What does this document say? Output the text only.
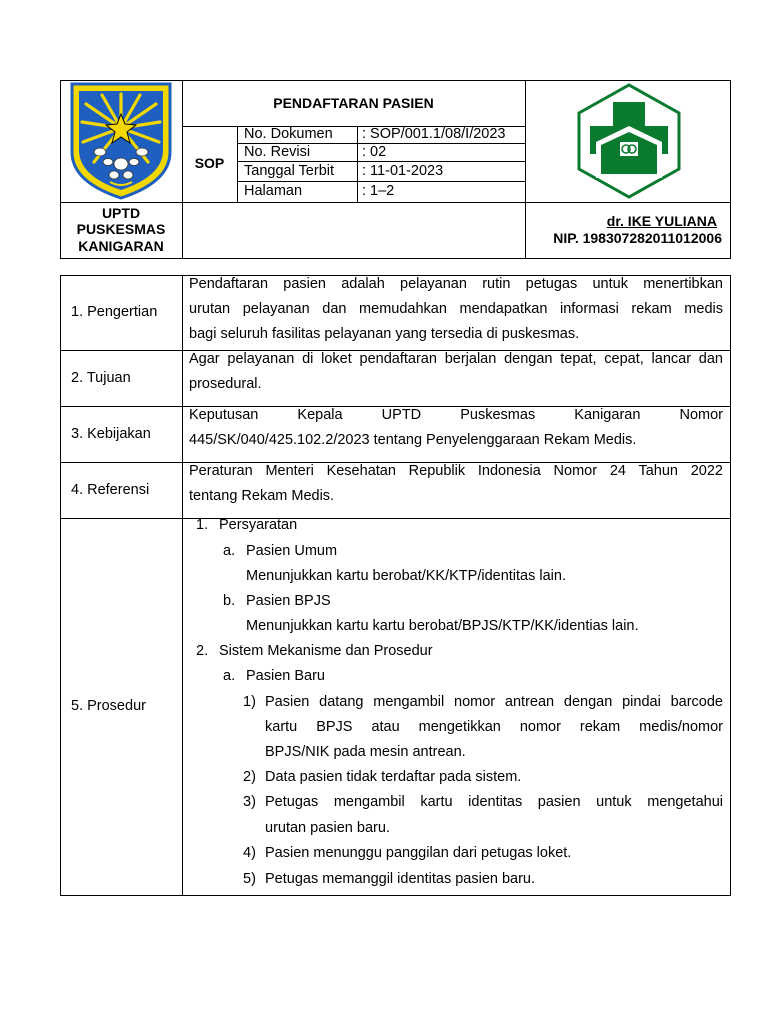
UPTD
PUSKESMAS
KANIGARAN
PENDAFTARAN PASIEN
SOP
No. Dokumen : SOP/001.1/08/I/2023
No. Revisi	: 02
Tanggal Terbit : 11-01-2023
Halaman	: 1–2
dr. IKE YULIANA
NIP. 198307282011012006
1. Pengertian
Pendaftaran pasien adalah pelayanan rutin petugas untuk menertibkan
urutan pelayanan dan memudahkan mendapatkan informasi rekam medis
bagi seluruh fasilitas pelayanan yang tersedia di puskesmas.
2. Tujuan
Agar pelayanan di loket pendaftaran berjalan dengan tepat, cepat, lancar dan
prosedural.
3. Kebijakan
Keputusan Kepala UPTD Puskesmas Kanigaran Nomor
445/SK/040/425.102.2/2023 tentang Penyelenggaraan Rekam Medis.
4. Referensi
Peraturan Menteri Kesehatan Republik Indonesia Nomor 24 Tahun 2022
tentang Rekam Medis.
5. Prosedur
1. Persyaratan
a. Pasien Umum
Menunjukkan kartu berobat/KK/KTP/identitas lain.
b. Pasien BPJS
Menunjukkan kartu kartu berobat/BPJS/KTP/KK/identias lain.
2. Sistem Mekanisme dan Prosedur
a. Pasien Baru
1) Pasien datang mengambil nomor antrean dengan pindai barcode
kartu BPJS atau mengetikkan nomor rekam medis/nomor
BPJS/NIK pada mesin antrean.
2) Data pasien tidak terdaftar pada sistem.
3) Petugas mengambil kartu identitas pasien untuk mengetahui
urutan pasien baru.
4) Pasien menunggu panggilan dari petugas loket.
5) Petugas memanggil identitas pasien baru.
